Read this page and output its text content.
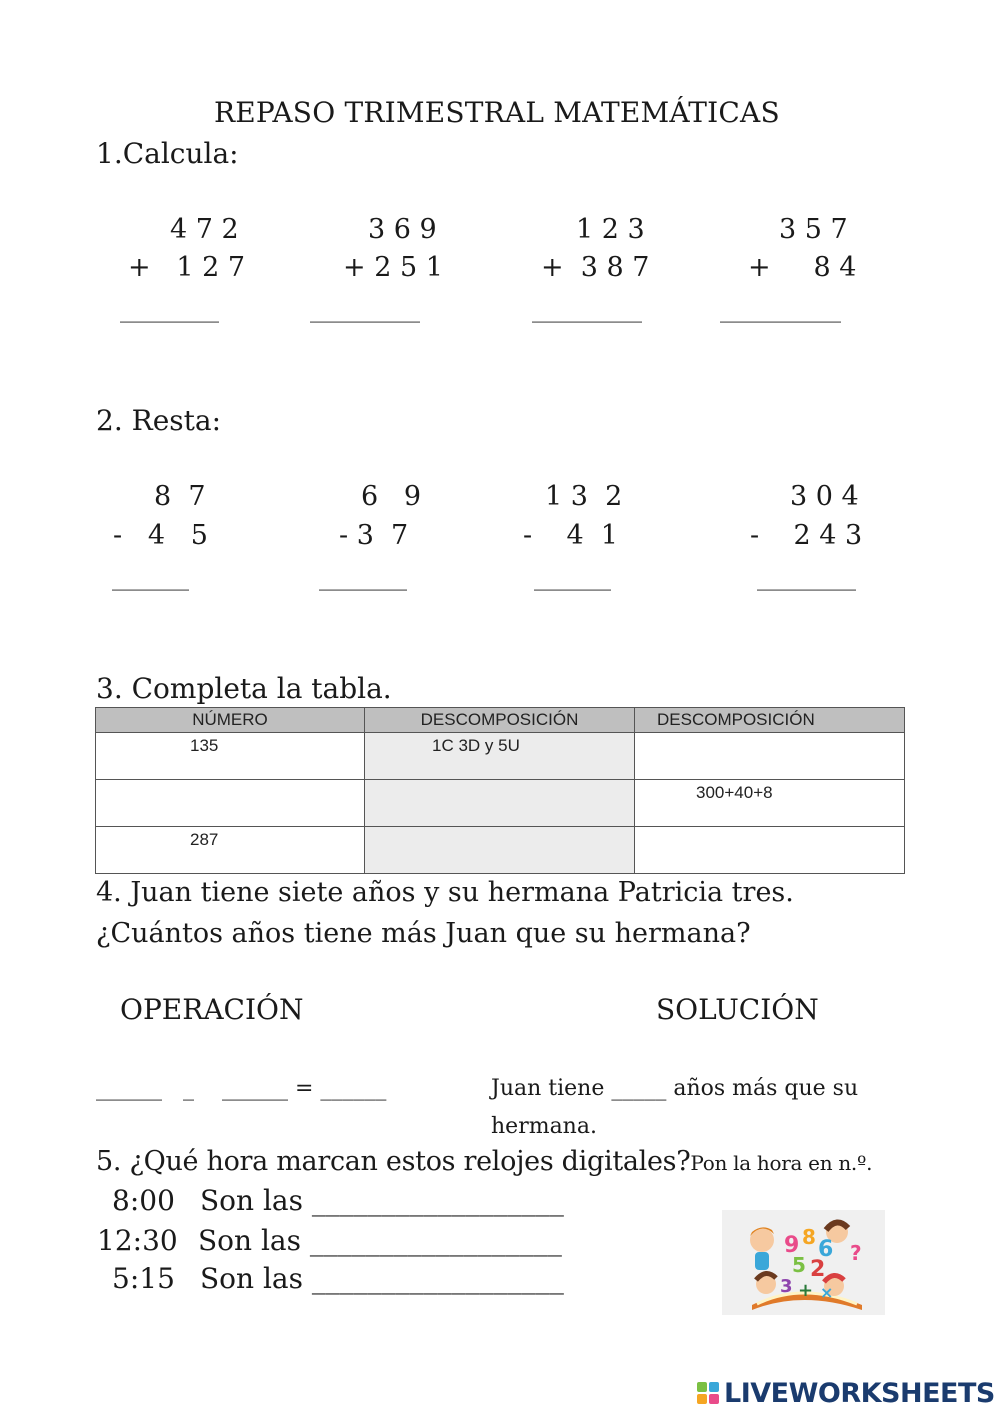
REPASO TRIMESTRAL MATEMÁTICAS
1.Calcula:
4 7 2
+   1 2 7
_________
3 6 9
+ 2 5 1
__________
1 2 3
+  3 8 7
__________
3 5 7
+     8 4
___________
2. Resta:
8  7
-   4   5
_______
6   9
- 3  7
________
1 3  2
-    4  1
_______
3 0 4
-    2 4 3
_________
3. Completa la tabla.
NÚMERO	DESCOMPOSICIÓN	DESCOMPOSICIÓN
135	1C 3D y 5U	
		300+40+8
287		
4. Juan tiene siete años y su hermana Patricia tres.
¿Cuántos años tiene más Juan que su hermana?
OPERACIÓN	SOLUCIÓN
______   _    ______ = ______	Juan tiene _____ años más que su
hermana.
5. ¿Qué hora marcan estos relojes digitales? Pon la hora en n.º.
8:00 Son las __________________
12:30 Son las __________________
5:15 Son las __________________
9 8 6
5 2
3
?
+ ×
LIVEWORKSHEETS
